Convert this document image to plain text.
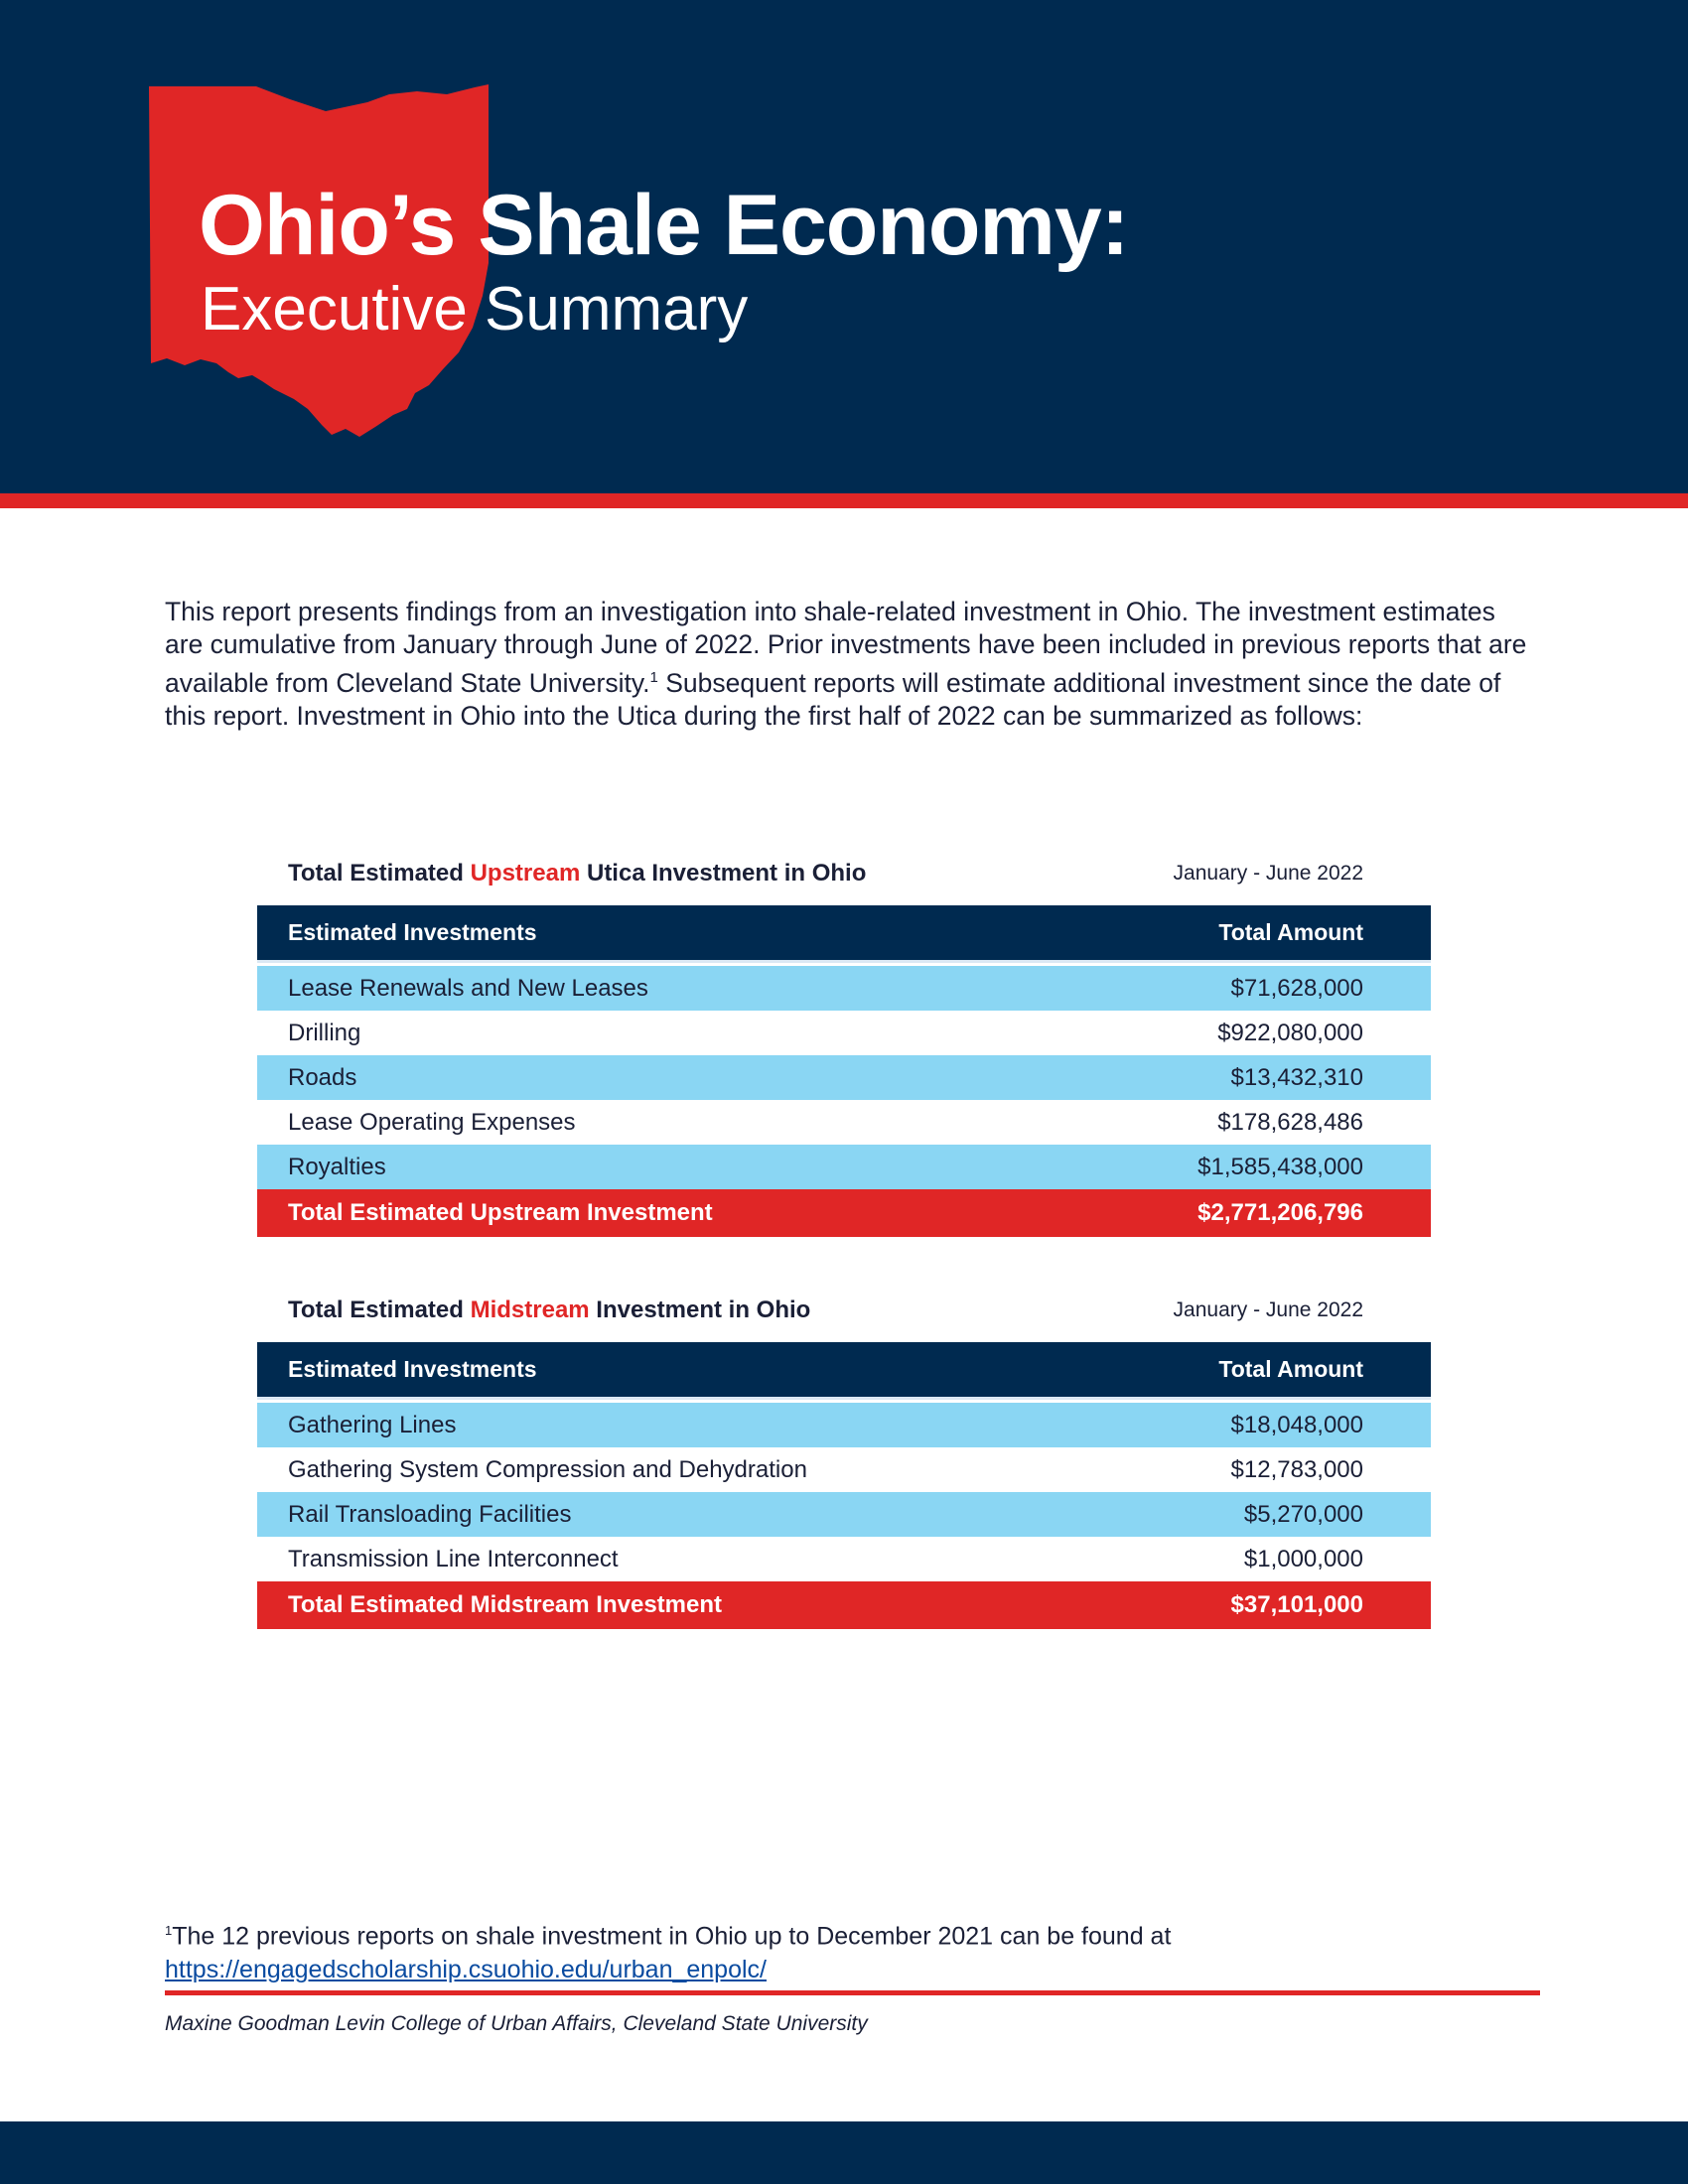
Ohio’s Shale Economy:
Executive Summary

This report presents findings from an investigation into shale-related investment in Ohio. The investment estimates are cumulative from January through June of 2022. Prior investments have been included in previous reports that are available from Cleveland State University.$^1$ Subsequent reports will estimate additional investment since the date of this report. Investment in Ohio into the Utica during the first half of 2022 can be summarized as follows:

Total Estimated Upstream Utica Investment in Ohio	January - June 2022
Estimated Investments	Total Amount
Lease Renewals and New Leases	$71,628,000
Drilling	$922,080,000
Roads	$13,432,310
Lease Operating Expenses	$178,628,486
Royalties	$1,585,438,000
Total Estimated Upstream Investment	$2,771,206,796
Total Estimated Midstream Investment in Ohio	January - June 2022
Estimated Investments	Total Amount
Gathering Lines	$18,048,000
Gathering System Compression and Dehydration	$12,783,000
Rail Transloading Facilities	$5,270,000
Transmission Line Interconnect	$1,000,000
Total Estimated Midstream Investment	$37,101,000

$^1$The 12 previous reports on shale investment in Ohio up to December 2021 can be found at
https://engagedscholarship.csuohio.edu/urban_enpolc/

Maxine Goodman Levin College of Urban Affairs, Cleveland State University
